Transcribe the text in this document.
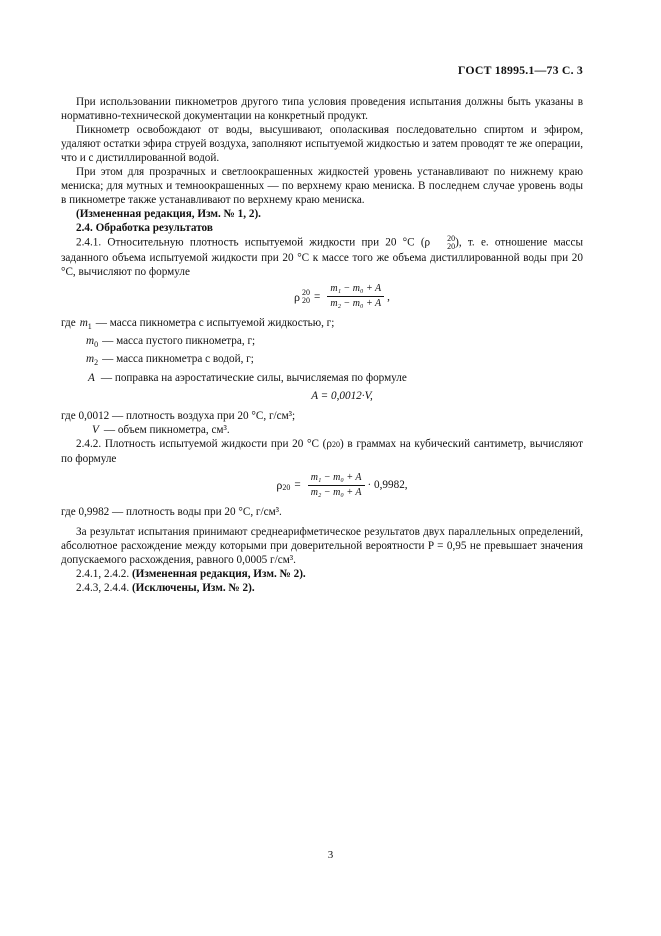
ГОСТ 18995.1—73 С. 3

При использовании пикнометров другого типа условия проведения испытания должны быть указаны в нормативно-технической документации на конкретный продукт.

Пикнометр освобождают от воды, высушивают, ополаскивая последовательно спиртом и эфиром, удаляют остатки эфира струей воздуха, заполняют испытуемой жидкостью и затем проводят те же операции, что и с дистиллированной водой.

При этом для прозрачных и светлоокрашенных жидкостей уровень устанавливают по нижнему краю мениска; для мутных и темноокрашенных — по верхнему краю мениска. В последнем случае уровень воды в пикнометре также устанавливают по верхнему краю мениска.

(Измененная редакция, Изм. № 1, 2).

2.4. Обработка результатов

2.4.1. Относительную плотность испытуемой жидкости при 20 °С (ρ	20
20 ), т. е. отношение массы заданного объема испытуемой жидкости при 20 °С к массе того же объема дистиллированной воды при 20 °С, вычисляют по формуле

ρ 20
$20 = \frac{\text{m₁ − m₀ + A}}{\text{m₂ − m₀ + A}}$ ,
где $m_1$ — масса пикнометра с испытуемой жидкостью, г;
$m_0$ — масса пустого пикнометра, г;
$m_2$ — масса пикнометра с водой, г;
A — поправка на аэростатические силы, вычисляемая по формуле
A = 0,0012·V,

где 0,0012 — плотность воздуха при 20 °С, г/см³;

V — объем пикнометра, см³.

2.4.2. Плотность испытуемой жидкости при 20 °С (ρ20) в граммах на кубический сантиметр, вычисляют по формуле

ρ $20 = \frac{\text{m₁ − m₀ + A}}{\text{m₂ − m₀ + A}} \cdot 0,9982$,

где 0,9982 — плотность воды при 20 °С, г/см³.

За результат испытания принимают среднеарифметическое результатов двух параллельных определений, абсолютное расхождение между которыми при доверительной вероятности P = 0,95 не превышает значения допускаемого расхождения, равного 0,0005 г/см³.

2.4.1, 2.4.2. (Измененная редакция, Изм. № 2).

2.4.3, 2.4.4. (Исключены, Изм. № 2).

3
